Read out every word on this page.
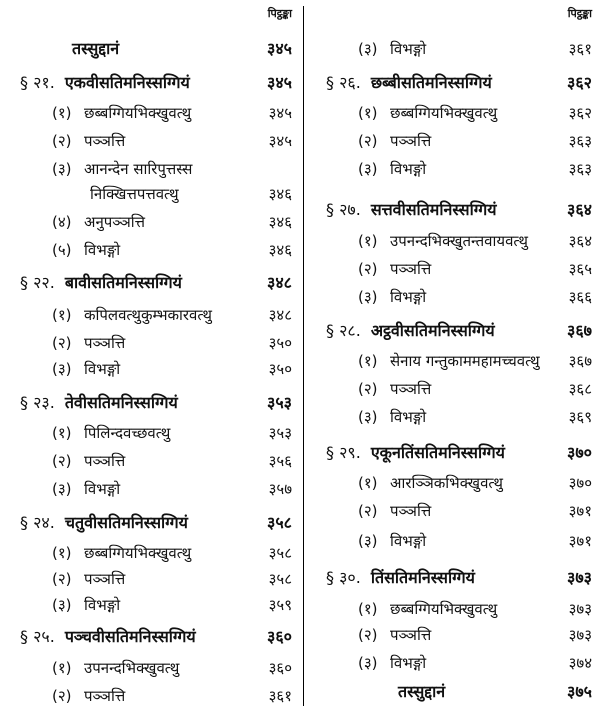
पिट्ठङ्का
तस्सुद्दानं	३४५
§ २१. एकवीसतिमनिस्सग्गियं	३४५
(१) छब्बग्गियभिक्खुवत्थु	३४५
(२) पञ्ञत्ति	३४५
(३) आनन्देन सारिपुत्तस्स
निक्खित्तपत्तवत्थु	३४६
(४) अनुपञ्ञत्ति	३४६
(५) विभङ्गो	३४६
§ २२. बावीसतिमनिस्सग्गियं	३४८
(१) कपिलवत्थुकुम्भकारवत्थु	३४८
(२) पञ्ञत्ति	३५०
(३) विभङ्गो	३५०
§ २३. तेवीसतिमनिस्सग्गियं	३५३
(१) पिलिन्दवच्छवत्थु	३५३
(२) पञ्ञत्ति	३५६
(३) विभङ्गो	३५७
§ २४. चतुवीसतिमनिस्सग्गियं	३५८
(१) छब्बग्गियभिक्खुवत्थु	३५८
(२) पञ्ञत्ति	३५८
(३) विभङ्गो	३५९
§ २५. पञ्चवीसतिमनिस्सग्गियं	३६०
(१) उपनन्दभिक्खुवत्थु	३६०
(२) पञ्ञत्ति	३६१
पिट्ठङ्का
(३) विभङ्गो	३६१
§ २६. छब्बीसतिमनिस्सग्गियं	३६२
(१) छब्बग्गियभिक्खुवत्थु	३६२
(२) पञ्ञत्ति	३६३
(३) विभङ्गो	३६३
§ २७. सत्तवीसतिमनिस्सग्गियं	३६४
(१) उपनन्दभिक्खुतन्तवायवत्थु	३६४
(२) पञ्ञत्ति	३६५
(३) विभङ्गो	३६६
§ २८. अट्ठवीसतिमनिस्सग्गियं	३६७
(१) सेनाय गन्तुकाममहामच्चवत्थु ३६७
(२) पञ्ञत्ति	३६८
(३) विभङ्गो	३६९
§ २९. एकूनतिंसतिमनिस्सग्गियं	३७०
(१) आरञ्ञिकभिक्खुवत्थु	३७०
(२) पञ्ञत्ति	३७१
(३) विभङ्गो	३७१
§ ३०. तिंसतिमनिस्सग्गियं	३७३
(१) छब्बग्गियभिक्खुवत्थु	३७३
(२) पञ्ञत्ति	३७३
(३) विभङ्गो	३७४
तस्सुद्दानं	३७५
